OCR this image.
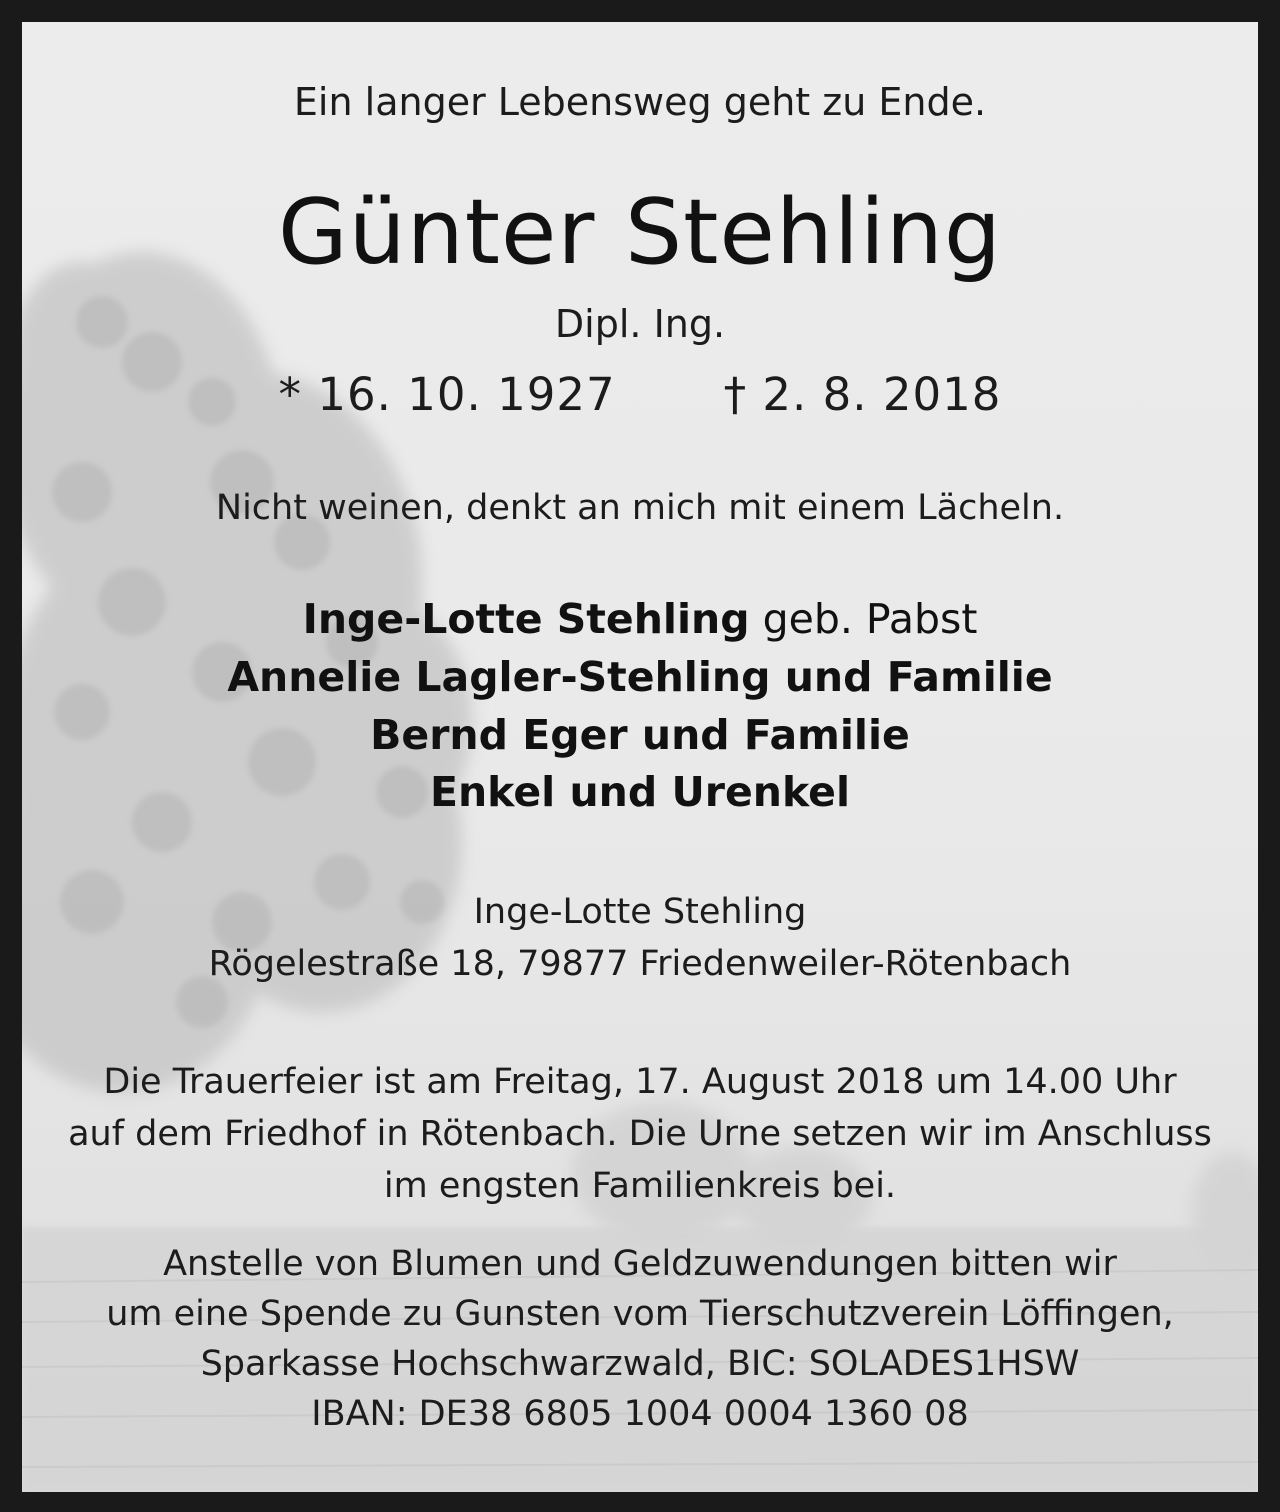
Ein langer Lebensweg geht zu Ende.
Günter Stehling
Dipl. Ing.
* 16. 10. 1927 † 2. 8. 2018
Nicht weinen, denkt an mich mit einem Lächeln.
Inge-Lotte Stehling geb. Pabst
Annelie Lagler-Stehling und Familie
Bernd Eger und Familie
Enkel und Urenkel
Inge-Lotte Stehling
Rögelestraße 18, 79877 Friedenweiler-Rötenbach
Die Trauerfeier ist am Freitag, 17. August 2018 um 14.00 Uhr
auf dem Friedhof in Rötenbach. Die Urne setzen wir im Anschluss
im engsten Familienkreis bei.
Anstelle von Blumen und Geldzuwendungen bitten wir
um eine Spende zu Gunsten vom Tierschutzverein Löffingen,
Sparkasse Hochschwarzwald, BIC: SOLADES1HSW
IBAN: DE38 6805 1004 0004 1360 08
